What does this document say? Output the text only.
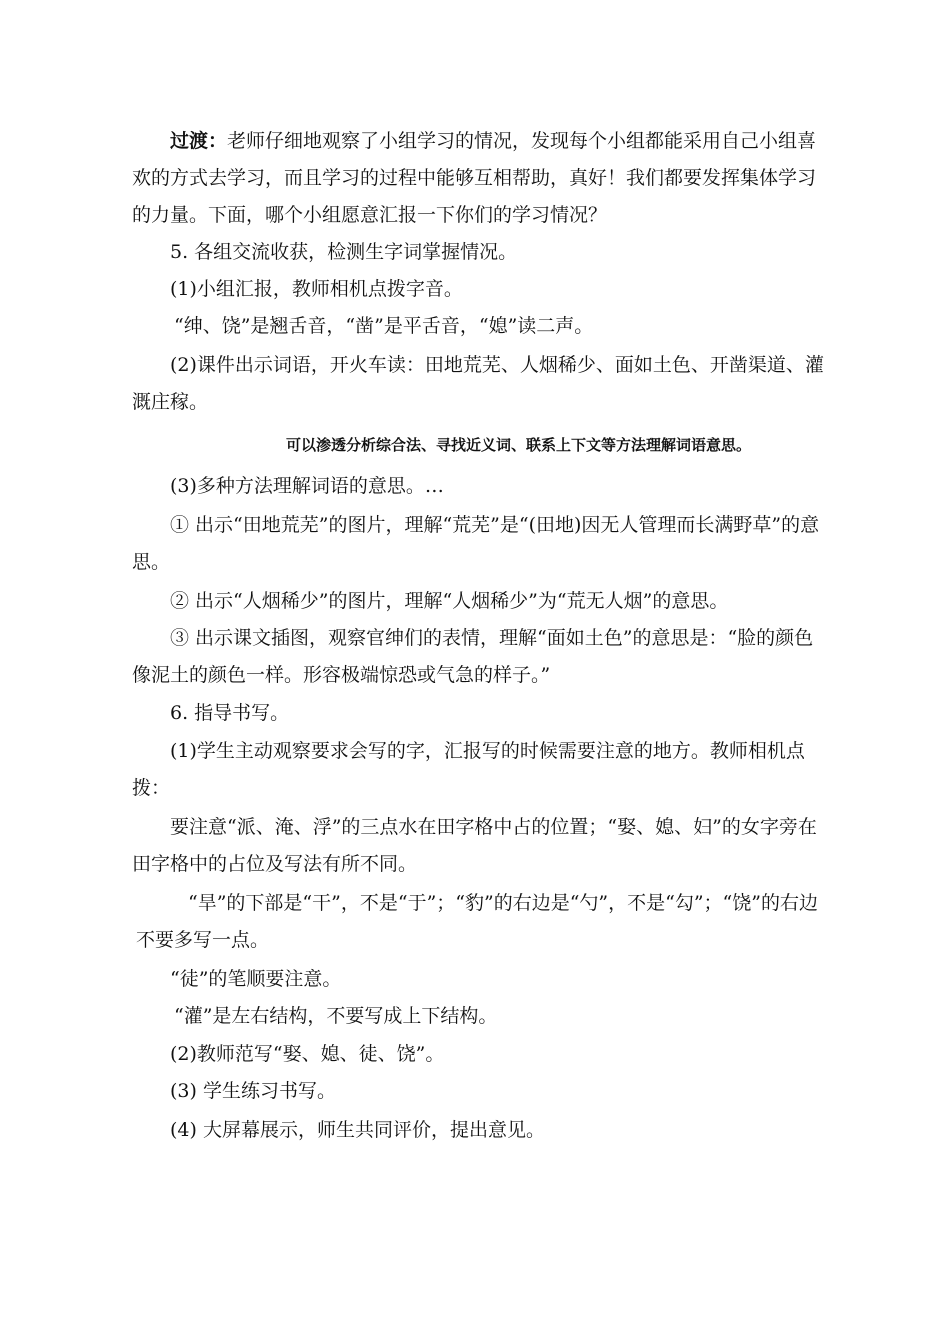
过渡：老师仔细地观察了小组学习的情况，发现每个小组都能采用自己小组喜欢的方式去学习，而且学习的过程中能够互相帮助，真好！我们都要发挥集体学习的力量。下面，哪个小组愿意汇报一下你们的学习情况？
5. 各组交流收获，检测生字词掌握情况。
(1)小组汇报，教师相机点拨字音。
“绅、饶”是翘舌音，“凿”是平舌音，“媳”读二声。
(2)课件出示词语，开火车读：田地荒芜、人烟稀少、面如土色、开凿渠道、灌溉庄稼。
可以渗透分析综合法、寻找近义词、联系上下文等方法理解词语意思。
(3)多种方法理解词语的意思。…
① 出示“田地荒芜”的图片，理解“荒芜”是“(田地)因无人管理而长满野草”的意思。
② 出示“人烟稀少”的图片，理解“人烟稀少”为“荒无人烟”的意思。
③ 出示课文插图，观察官绅们的表情，理解“面如土色”的意思是：“脸的颜色像泥土的颜色一样。形容极端惊恐或气急的样子。”
6. 指导书写。
(1)学生主动观察要求会写的字，汇报写的时候需要注意的地方。教师相机点拨：
要注意“派、淹、浮”的三点水在田字格中占的位置；“娶、媳、妇”的女字旁在田字格中的占位及写法有所不同。
“旱”的下部是“干”，不是“于”；“豹”的右边是“勺”，不是“勾”；“饶”的右边不要多写一点。
“徒”的笔顺要注意。
“灌”是左右结构，不要写成上下结构。
(2)教师范写“娶、媳、徒、饶”。
(3) 学生练习书写。
(4) 大屏幕展示，师生共同评价，提出意见。
